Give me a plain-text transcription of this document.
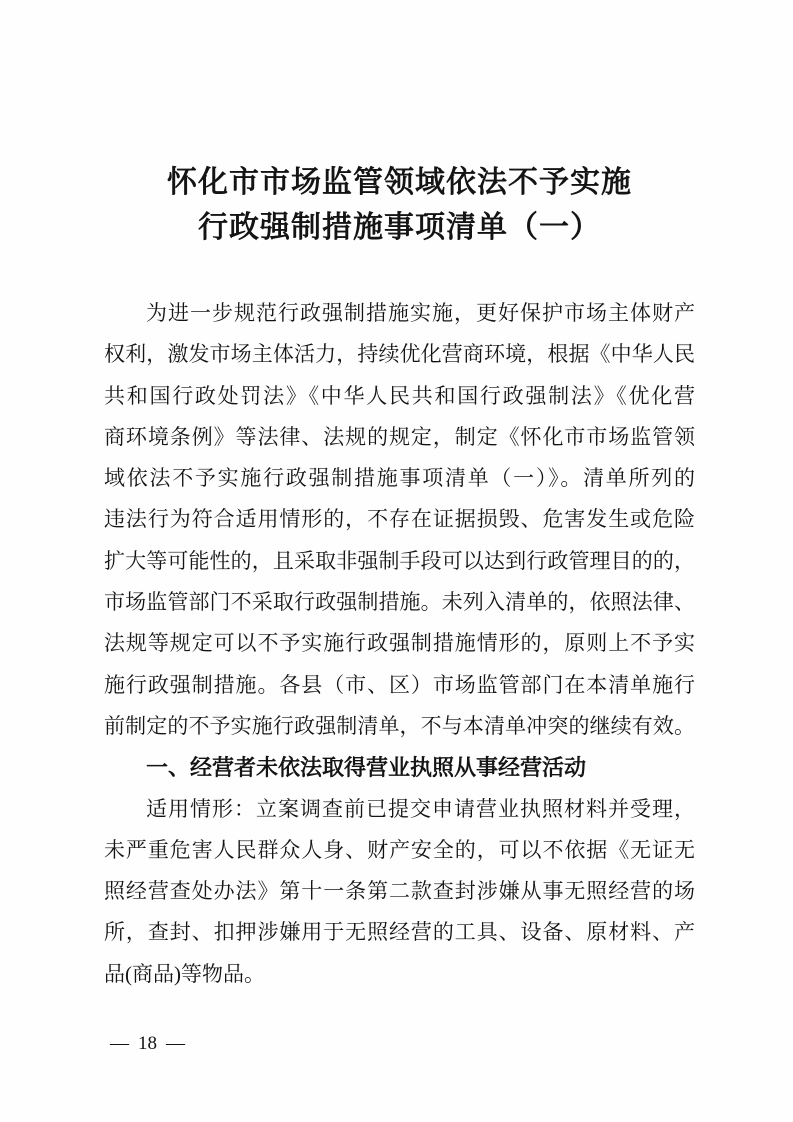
怀化市市场监管领域依法不予实施
行政强制措施事项清单（一）
为进一步规范行政强制措施实施，更好保护市场主体财产
权利，激发市场主体活力，持续优化营商环境，根据《中华人民
共和国行政处罚法》《中华人民共和国行政强制法》《优化营
商环境条例》等法律、法规的规定，制定《怀化市市场监管领
域依法不予实施行政强制措施事项清单（一）》。清单所列的
违法行为符合适用情形的，不存在证据损毁、危害发生或危险
扩大等可能性的，且采取非强制手段可以达到行政管理目的的，
市场监管部门不采取行政强制措施。未列入清单的，依照法律、
法规等规定可以不予实施行政强制措施情形的，原则上不予实
施行政强制措施。各县（市、区）市场监管部门在本清单施行
前制定的不予实施行政强制清单，不与本清单冲突的继续有效。
一、经营者未依法取得营业执照从事经营活动
适用情形：立案调查前已提交申请营业执照材料并受理，
未严重危害人民群众人身、财产安全的，可以不依据《无证无
照经营查处办法》第十一条第二款查封涉嫌从事无照经营的场
所，查封、扣押涉嫌用于无照经营的工具、设备、原材料、产
品(商品)等物品。
— 18 —
